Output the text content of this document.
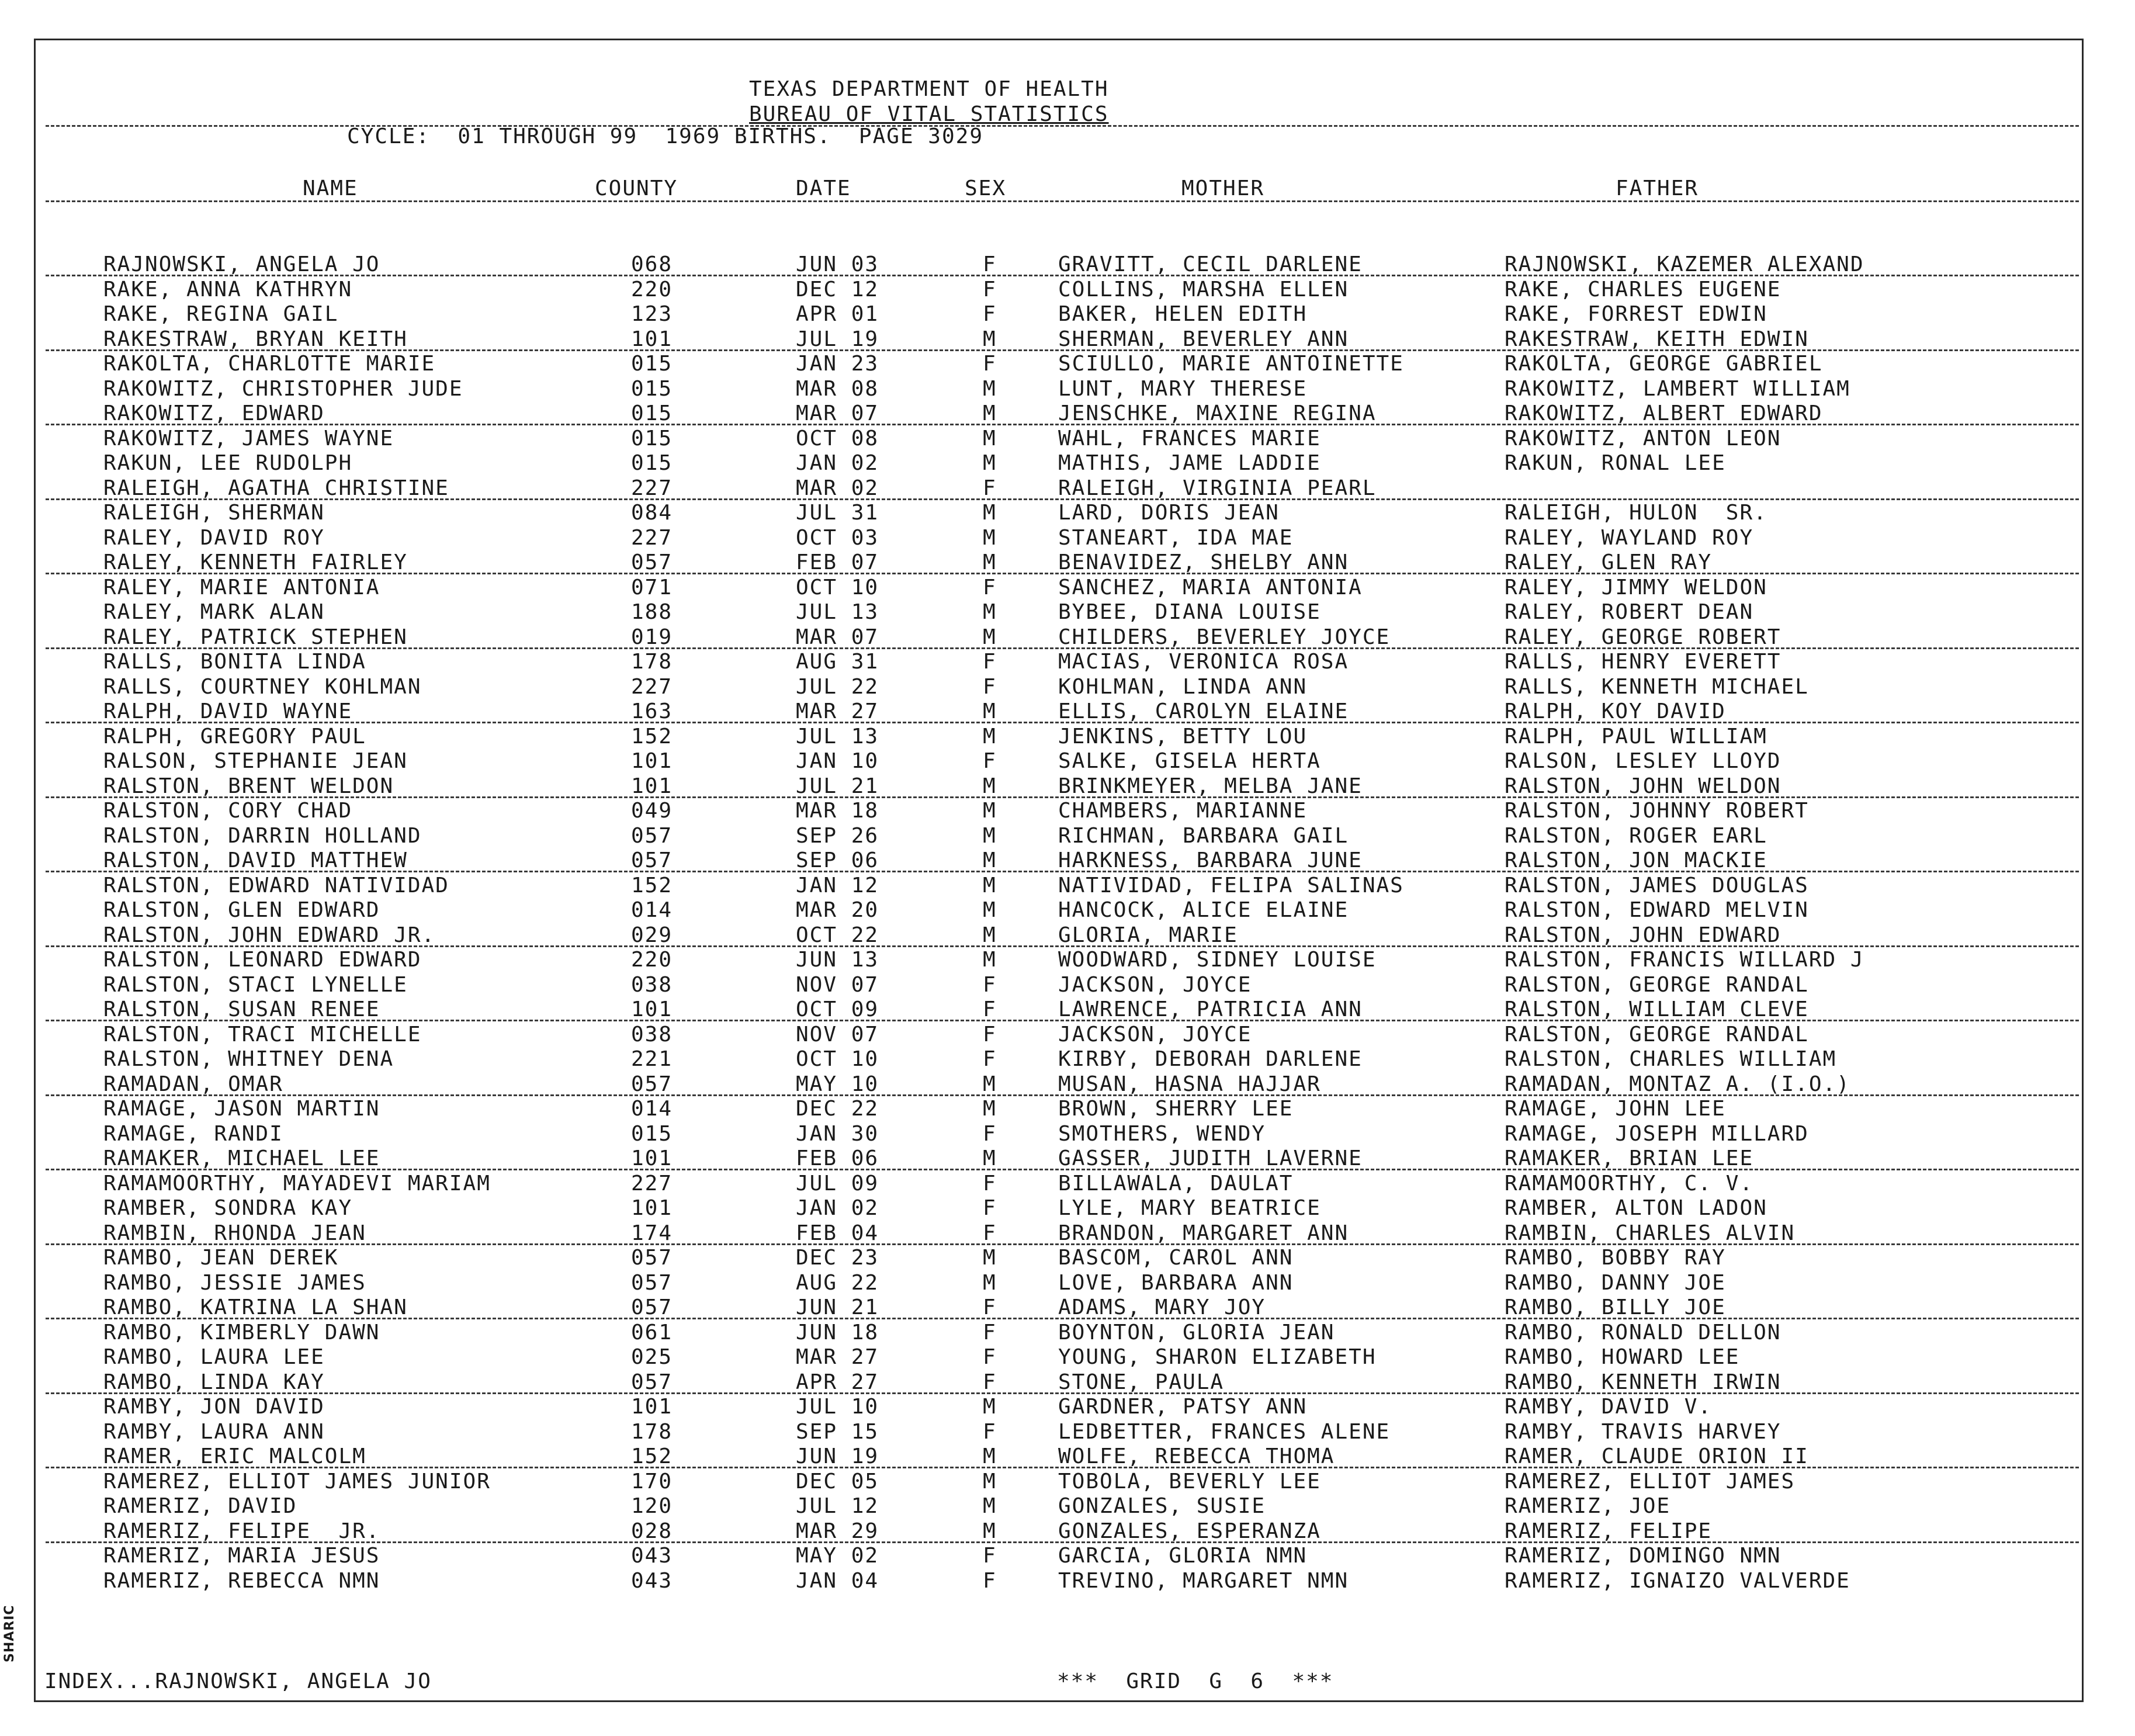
SHARIC
TEXAS DEPARTMENT OF HEALTH
BUREAU OF VITAL STATISTICS
CYCLE:  01 THROUGH 99  1969 BIRTHS.  PAGE 3029
NAME	COUNTY	DATE	SEX	MOTHER	FATHER
RAJNOWSKI, ANGELA JO	068	JUN 03	F	GRAVITT, CECIL DARLENE	RAJNOWSKI, KAZEMER ALEXAND
RAKE, ANNA KATHRYN	220	DEC 12	F	COLLINS, MARSHA ELLEN	RAKE, CHARLES EUGENE
RAKE, REGINA GAIL	123	APR 01	F	BAKER, HELEN EDITH	RAKE, FORREST EDWIN
RAKESTRAW, BRYAN KEITH	101	JUL 19	M	SHERMAN, BEVERLEY ANN	RAKESTRAW, KEITH EDWIN
RAKOLTA, CHARLOTTE MARIE	015	JAN 23	F	SCIULLO, MARIE ANTOINETTE	RAKOLTA, GEORGE GABRIEL
RAKOWITZ, CHRISTOPHER JUDE	015	MAR 08	M	LUNT, MARY THERESE	RAKOWITZ, LAMBERT WILLIAM
RAKOWITZ, EDWARD	015	MAR 07	M	JENSCHKE, MAXINE REGINA	RAKOWITZ, ALBERT EDWARD
RAKOWITZ, JAMES WAYNE	015	OCT 08	M	WAHL, FRANCES MARIE	RAKOWITZ, ANTON LEON
RAKUN, LEE RUDOLPH	015	JAN 02	M	MATHIS, JAME LADDIE	RAKUN, RONAL LEE
RALEIGH, AGATHA CHRISTINE	227	MAR 02	F	RALEIGH, VIRGINIA PEARL
RALEIGH, SHERMAN	084	JUL 31	M	LARD, DORIS JEAN	RALEIGH, HULON  SR.
RALEY, DAVID ROY	227	OCT 03	M	STANEART, IDA MAE	RALEY, WAYLAND ROY
RALEY, KENNETH FAIRLEY	057	FEB 07	M	BENAVIDEZ, SHELBY ANN	RALEY, GLEN RAY
RALEY, MARIE ANTONIA	071	OCT 10	F	SANCHEZ, MARIA ANTONIA	RALEY, JIMMY WELDON
RALEY, MARK ALAN	188	JUL 13	M	BYBEE, DIANA LOUISE	RALEY, ROBERT DEAN
RALEY, PATRICK STEPHEN	019	MAR 07	M	CHILDERS, BEVERLEY JOYCE	RALEY, GEORGE ROBERT
RALLS, BONITA LINDA	178	AUG 31	F	MACIAS, VERONICA ROSA	RALLS, HENRY EVERETT
RALLS, COURTNEY KOHLMAN	227	JUL 22	F	KOHLMAN, LINDA ANN	RALLS, KENNETH MICHAEL
RALPH, DAVID WAYNE	163	MAR 27	M	ELLIS, CAROLYN ELAINE	RALPH, KOY DAVID
RALPH, GREGORY PAUL	152	JUL 13	M	JENKINS, BETTY LOU	RALPH, PAUL WILLIAM
RALSON, STEPHANIE JEAN	101	JAN 10	F	SALKE, GISELA HERTA	RALSON, LESLEY LLOYD
RALSTON, BRENT WELDON	101	JUL 21	M	BRINKMEYER, MELBA JANE	RALSTON, JOHN WELDON
RALSTON, CORY CHAD	049	MAR 18	M	CHAMBERS, MARIANNE	RALSTON, JOHNNY ROBERT
RALSTON, DARRIN HOLLAND	057	SEP 26	M	RICHMAN, BARBARA GAIL	RALSTON, ROGER EARL
RALSTON, DAVID MATTHEW	057	SEP 06	M	HARKNESS, BARBARA JUNE	RALSTON, JON MACKIE
RALSTON, EDWARD NATIVIDAD	152	JAN 12	M	NATIVIDAD, FELIPA SALINAS	RALSTON, JAMES DOUGLAS
RALSTON, GLEN EDWARD	014	MAR 20	M	HANCOCK, ALICE ELAINE	RALSTON, EDWARD MELVIN
RALSTON, JOHN EDWARD JR.	029	OCT 22	M	GLORIA, MARIE	RALSTON, JOHN EDWARD
RALSTON, LEONARD EDWARD	220	JUN 13	M	WOODWARD, SIDNEY LOUISE	RALSTON, FRANCIS WILLARD J
RALSTON, STACI LYNELLE	038	NOV 07	F	JACKSON, JOYCE	RALSTON, GEORGE RANDAL
RALSTON, SUSAN RENEE	101	OCT 09	F	LAWRENCE, PATRICIA ANN	RALSTON, WILLIAM CLEVE
RALSTON, TRACI MICHELLE	038	NOV 07	F	JACKSON, JOYCE	RALSTON, GEORGE RANDAL
RALSTON, WHITNEY DENA	221	OCT 10	F	KIRBY, DEBORAH DARLENE	RALSTON, CHARLES WILLIAM
RAMADAN, OMAR	057	MAY 10	M	MUSAN, HASNA HAJJAR	RAMADAN, MONTAZ A. (I.O.)
RAMAGE, JASON MARTIN	014	DEC 22	M	BROWN, SHERRY LEE	RAMAGE, JOHN LEE
RAMAGE, RANDI	015	JAN 30	F	SMOTHERS, WENDY	RAMAGE, JOSEPH MILLARD
RAMAKER, MICHAEL LEE	101	FEB 06	M	GASSER, JUDITH LAVERNE	RAMAKER, BRIAN LEE
RAMAMOORTHY, MAYADEVI MARIAM	227	JUL 09	F	BILLAWALA, DAULAT	RAMAMOORTHY, C. V.
RAMBER, SONDRA KAY	101	JAN 02	F	LYLE, MARY BEATRICE	RAMBER, ALTON LADON
RAMBIN, RHONDA JEAN	174	FEB 04	F	BRANDON, MARGARET ANN	RAMBIN, CHARLES ALVIN
RAMBO, JEAN DEREK	057	DEC 23	M	BASCOM, CAROL ANN	RAMBO, BOBBY RAY
RAMBO, JESSIE JAMES	057	AUG 22	M	LOVE, BARBARA ANN	RAMBO, DANNY JOE
RAMBO, KATRINA LA SHAN	057	JUN 21	F	ADAMS, MARY JOY	RAMBO, BILLY JOE
RAMBO, KIMBERLY DAWN	061	JUN 18	F	BOYNTON, GLORIA JEAN	RAMBO, RONALD DELLON
RAMBO, LAURA LEE	025	MAR 27	F	YOUNG, SHARON ELIZABETH	RAMBO, HOWARD LEE
RAMBO, LINDA KAY	057	APR 27	F	STONE, PAULA	RAMBO, KENNETH IRWIN
RAMBY, JON DAVID	101	JUL 10	M	GARDNER, PATSY ANN	RAMBY, DAVID V.
RAMBY, LAURA ANN	178	SEP 15	F	LEDBETTER, FRANCES ALENE	RAMBY, TRAVIS HARVEY
RAMER, ERIC MALCOLM	152	JUN 19	M	WOLFE, REBECCA THOMA	RAMER, CLAUDE ORION II
RAMEREZ, ELLIOT JAMES JUNIOR	170	DEC 05	M	TOBOLA, BEVERLY LEE	RAMEREZ, ELLIOT JAMES
RAMERIZ, DAVID	120	JUL 12	M	GONZALES, SUSIE	RAMERIZ, JOE
RAMERIZ, FELIPE  JR.	028	MAR 29	M	GONZALES, ESPERANZA	RAMERIZ, FELIPE
RAMERIZ, MARIA JESUS	043	MAY 02	F	GARCIA, GLORIA NMN	RAMERIZ, DOMINGO NMN
RAMERIZ, REBECCA NMN	043	JAN 04	F	TREVINO, MARGARET NMN	RAMERIZ, IGNAIZO VALVERDE
INDEX...RAJNOWSKI, ANGELA JO	***  GRID  G  6  ***
